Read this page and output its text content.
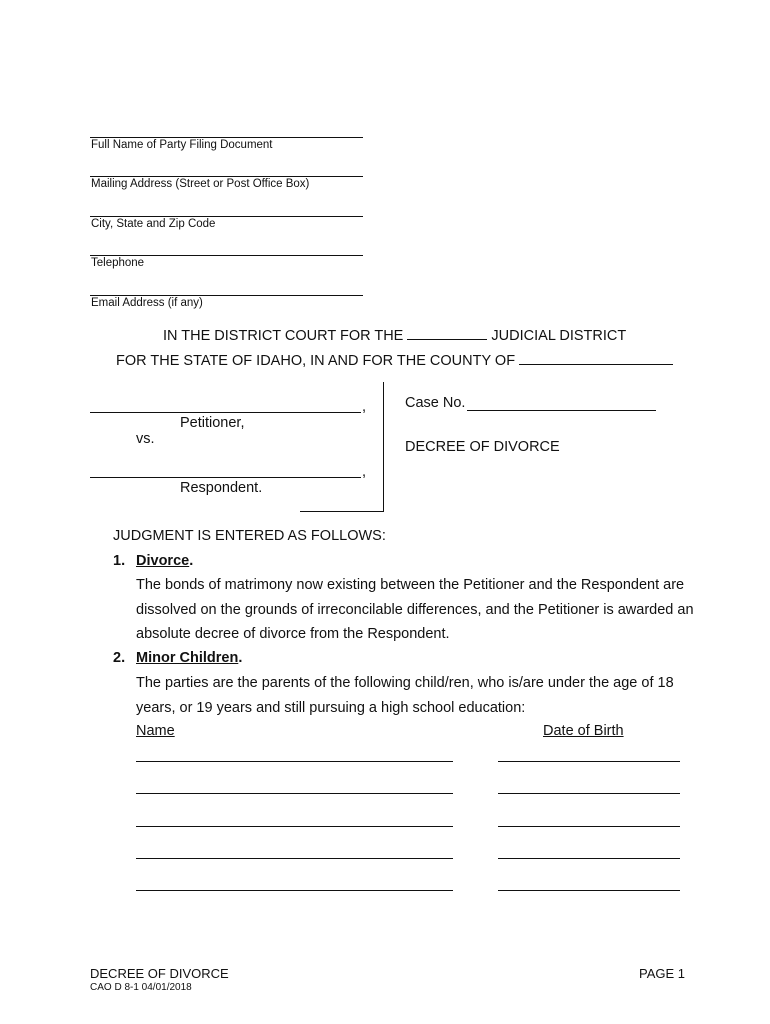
Full Name of Party Filing Document
Mailing Address (Street or Post Office Box)
City, State and Zip Code
Telephone
Email Address (if any)
IN THE DISTRICT COURT FOR THE	JUDICIAL DISTRICT
FOR THE STATE OF IDAHO, IN AND FOR THE COUNTY OF
,
Petitioner,
vs.
,
Respondent.
Case No.
DECREE OF DIVORCE
JUDGMENT IS ENTERED AS FOLLOWS:
1. Divorce.
The bonds of matrimony now existing between the Petitioner and the Respondent are
dissolved on the grounds of irreconcilable differences, and the Petitioner is awarded an
absolute decree of divorce from the Respondent.
2. Minor Children.
The parties are the parents of the following child/ren, who is/are under the age of 18
years, or 19 years and still pursuing a high school education:
Name	Date of Birth
DECREE OF DIVORCE
CAO D 8-1 04/01/2018
PAGE 1
